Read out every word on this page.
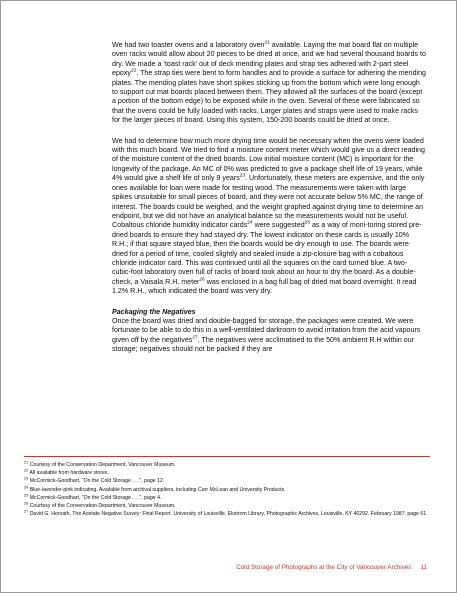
We had two toaster ovens and a laboratory oven$^{21}$ available. Laying the mat board flat on multiple oven racks would allow about 20 pieces to be dried at once, and we had several thousand boards to dry. We made a ‘toast rack’ out of deck mending plates and strap ties adhered with 2-part steel epoxy$^{22}$. The strap ties were bent to form handles and to provide a surface for adhering the mending plates. The mending plates have short spikes sticking up from the bottom which were long enough to support cut mat boards placed between them. They allowed all the surfaces of the board (except a portion of the bottom edge) to be exposed while in the oven. Several of these were fabricated so that the ovens could be fully loaded with racks. Larger plates and straps were used to make racks for the larger pieces of board. Using this system, 150-200 boards could be dried at once.

We had to determine how much more drying time would be necessary when the ovens were loaded with this much board. We tried to find a moisture content meter which would give us a direct reading of the moisture content of the dried boards. Low initial moisture content (MC) is important for the longevity of the package. An MC of 0% was predicted to give a package shelf life of 19 years, while 4% would give a shelf life of only 9 years$^{23}$. Unfortunately, these meters are expensive, and the only ones available for loan were made for testing wood. The measurements were taken with large spikes unsuitable for small pieces of board, and they were not accurate below 5% MC, the range of interest. The boards could be weighed, and the weight graphed against drying time to determine an endpoint, but we did not have an analytical balance so the measurements would not be useful. Cobaltous chloride humidity indicator cards$^{24}$ were suggested$^{25}$ as a way of moni-toring stored pre-dried boards to ensure they had stayed dry. The lowest indicator on these cards is usually 10% R.H.; if that square stayed blue, then the boards would be dry enough to use. The boards were dried for a period of time, cooled slightly and sealed inside a zip-closure bag with a cobaltous chloride indicator card. This was continued until all the squares on the card turned blue. A two-cubic-foot laboratory oven full of racks of board took about an hour to dry the board. As a double-check, a Vaisala R.H. meter$^{26}$ was enclosed in a bag full bag of dried mat board overnight. It read 1.2% R.H., which indicated the board was very dry.

Packaging the Negatives

Once the board was dried and double-bagged for storage, the packages were created. We were fortunate to be able to do this in a well-ventilated darkroom to avoid irritation from the acid vapours given off by the negatives$^{27}$. The negatives were acclimatised to the 50% ambient R.H within our storage; negatives should not be packed if they are

$^{21}$ Courtesy of the Conservation Department, Vancouver Museum.
$^{22}$ All available from hardware stores.
$^{23}$ McCormick-Goodhart, “On the Cold Storage . . .”, page 12.
$^{24}$ Blue-lavender-pink indicating. Available from archival suppliers, including Carr McLean and University Products.
$^{25}$ McCormick-Goodhart, “On the Cold Storage . . .”, page 4.
$^{26}$ Courtesy of the Conservation Department, Vancouver Museum.
$^{27}$ David G. Horvath, The Acetate Negative Survey: Final Report. University of Louisville, Ekstrom Library, Photographic Archives, Louisville, KY 40292. February 1987. page 61.
Cold Storage of Photographs at the City of Vancouver Archives 11
